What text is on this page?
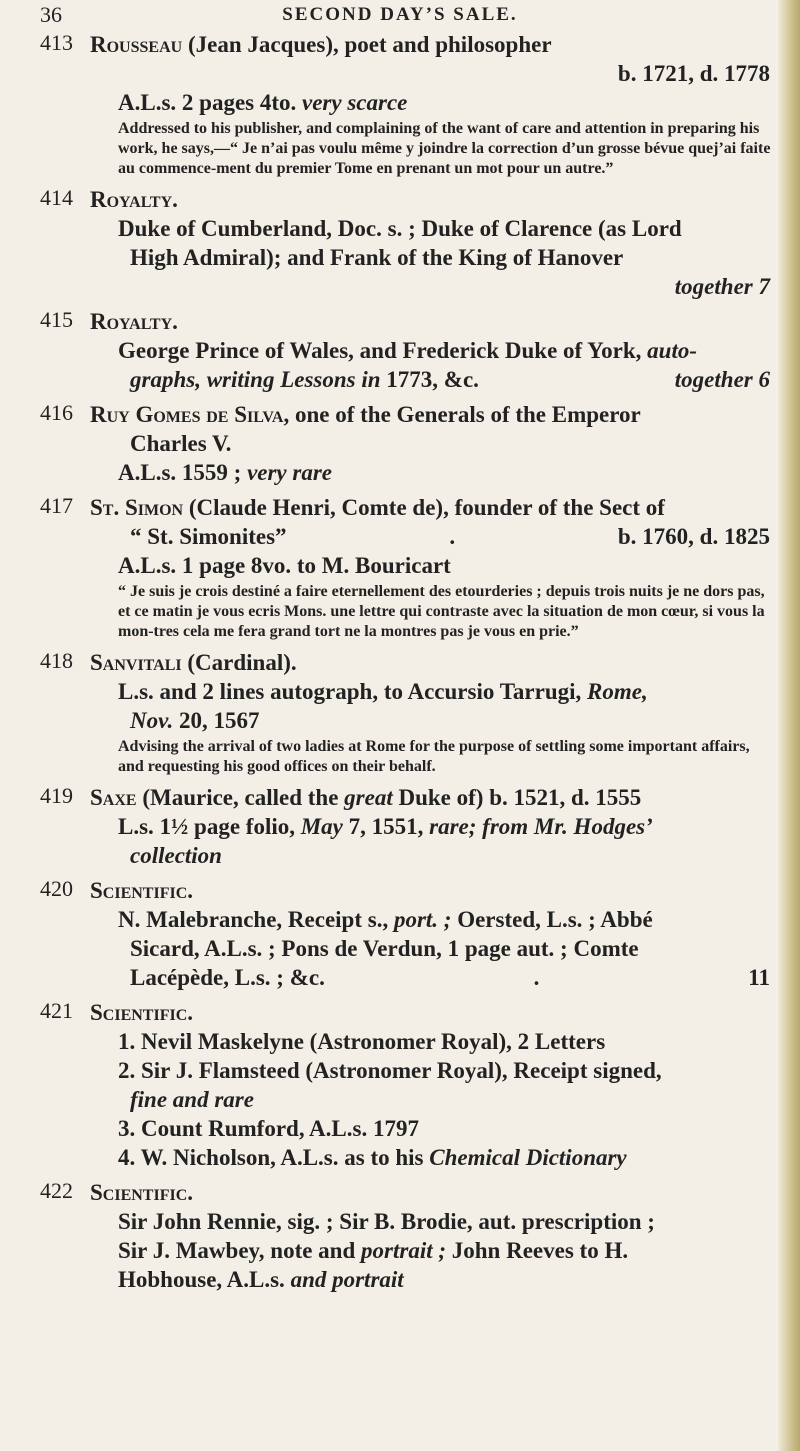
36	SECOND DAY’S SALE.
413 Rousseau (Jean Jacques), poet and philosopher
b. 1721, d. 1778
A.L.s. 2 pages 4to. very scarce
Addressed to his publisher, and complaining of the want of care and attention in preparing his work, he says,—“ Je n’ai pas voulu même y joindre la correction d’un grosse bévue quej’ai faite au commence-ment du premier Tome en prenant un mot pour un autre.”
414 Royalty.
Duke of Cumberland, Doc. s. ; Duke of Clarence (as Lord
High Admiral); and Frank of the King of Hanover
together 7
415 Royalty.
George Prince of Wales, and Frederick Duke of York, auto-
graphs, writing Lessons in 1773, &c.	together 6
416 Ruy Gomes de Silva, one of the Generals of the Emperor
Charles V.
A.L.s. 1559 ; very rare
417 St. Simon (Claude Henri, Comte de), founder of the Sect of
“ St. Simonites”	.	b. 1760, d. 1825
A.L.s. 1 page 8vo. to M. Bouricart
“ Je suis je crois destiné a faire eternellement des etourderies ; depuis trois nuits je ne dors pas, et ce matin je vous ecris Mons. une lettre qui contraste avec la situation de mon cœur, si vous la mon-tres cela me fera grand tort ne la montres pas je vous en prie.”
418 Sanvitali (Cardinal).
L.s. and 2 lines autograph, to Accursio Tarrugi, Rome,
Nov. 20, 1567
Advising the arrival of two ladies at Rome for the purpose of settling some important affairs, and requesting his good offices on their behalf.
419 Saxe (Maurice, called the great Duke of) b. 1521, d. 1555
L.s. 1½ page folio, May 7, 1551, rare; from Mr. Hodges’
collection
420 Scientific.
N. Malebranche, Receipt s., port. ; Oersted, L.s. ; Abbé
Sicard, A.L.s. ; Pons de Verdun, 1 page aut. ; Comte
Lacépède, L.s. ; &c.	.	11
421 Scientific.
1. Nevil Maskelyne (Astronomer Royal), 2 Letters
2. Sir J. Flamsteed (Astronomer Royal), Receipt signed,
fine and rare
3. Count Rumford, A.L.s. 1797
4. W. Nicholson, A.L.s. as to his Chemical Dictionary
422 Scientific.
Sir John Rennie, sig. ; Sir B. Brodie, aut. prescription ;
Sir J. Mawbey, note and portrait ; John Reeves to H.
Hobhouse, A.L.s. and portrait
